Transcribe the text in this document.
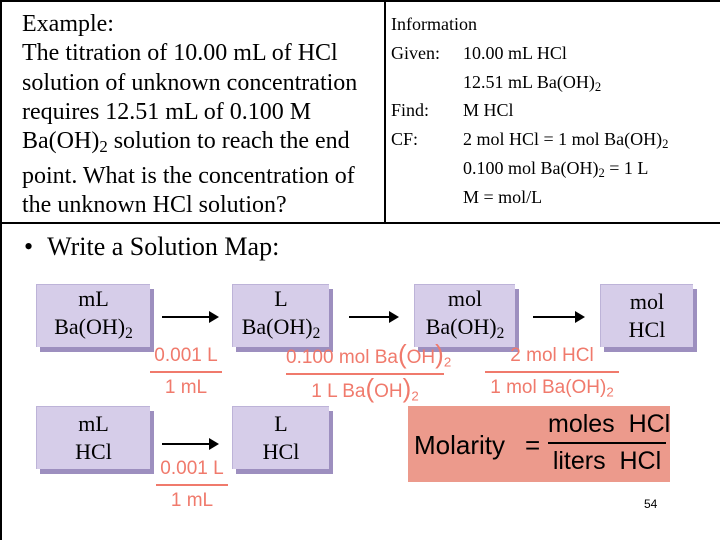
Example:
The titration of 10.00 mL of HCl
solution of unknown concentration
requires 12.51 mL of 0.100 M
$Ba(OH)_2$ solution to reach the end
point. What is the concentration of
the unknown HCl solution?
Information
Given: 10.00 mL HCl
12.51 mL $Ba(OH)_2$
Find: M HCl
CF: 2 mol HCl = 1 mol $Ba(OH)_2$
0.100 mol $Ba(OH)_2 = 1$ L
M = mol/L
• Write a Solution Map:
mL
$Ba(OH)_2$
L
$Ba(OH)_2$
mol
$Ba(OH)_2$
mol
HCl
0.001 L
1 mL
0.100 mol $Ba(OH)_2$
1 L $Ba(OH)_2$
2 mol HCl
1 mol $Ba(OH)_2$
mL
HCl
L
HCl
0.001 L
1 mL
Molarity =
moles  HCl
liters  HCl
54
